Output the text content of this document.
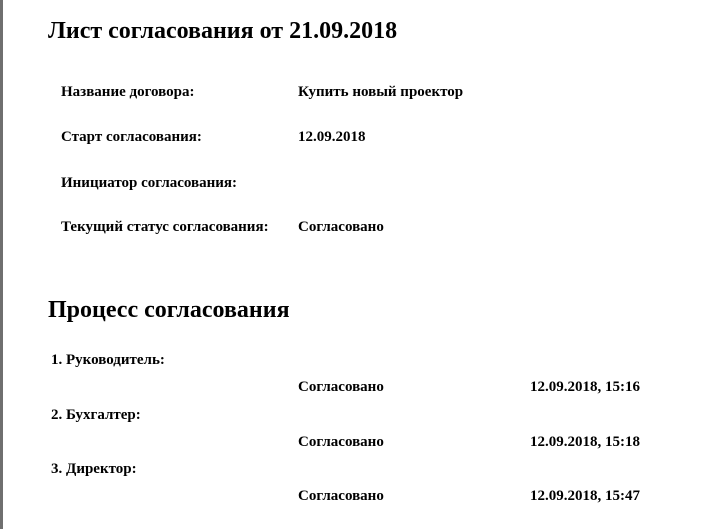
Лист согласования от 21.09.2018
Название договора:	Купить новый проектор
Старт согласования:	12.09.2018
Инициатор согласования:
Текущий статус согласования: Согласовано
Процесс согласования
1. Руководитель:
Согласовано	12.09.2018, 15:16
2. Бухгалтер:
Согласовано	12.09.2018, 15:18
3. Директор:
Согласовано	12.09.2018, 15:47
